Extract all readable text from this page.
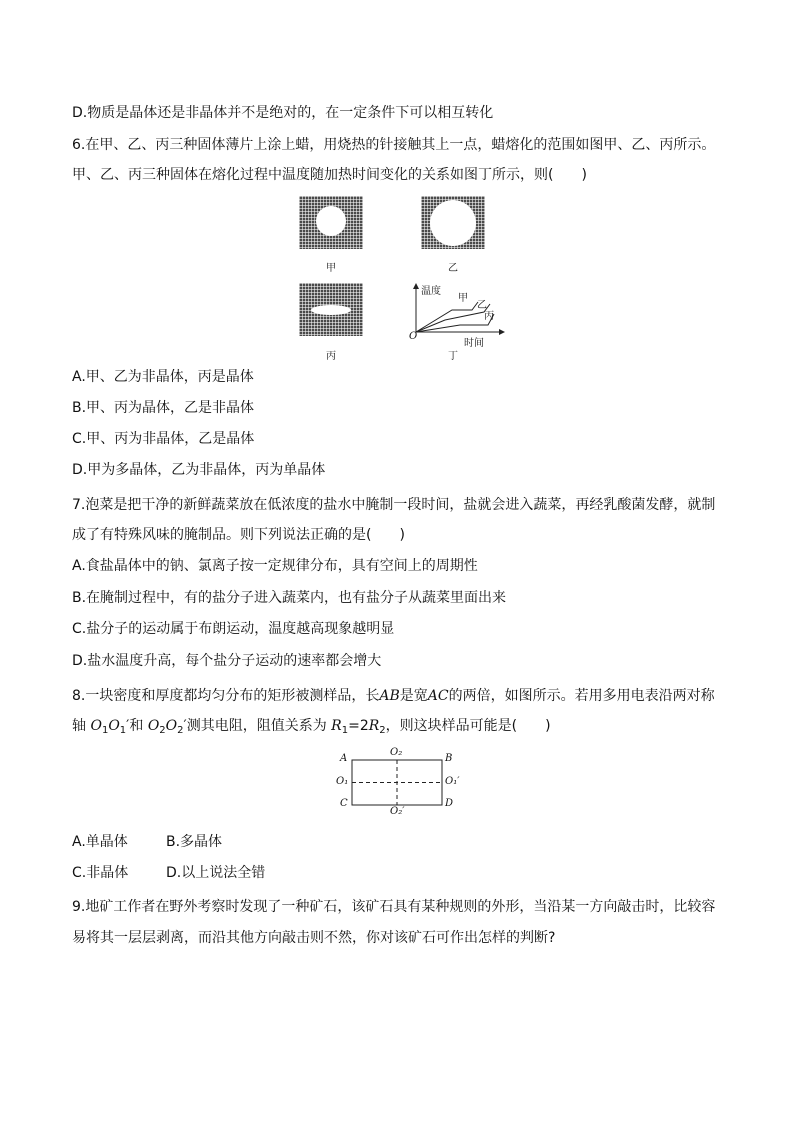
D.物质是晶体还是非晶体并不是绝对的，在一定条件下可以相互转化
6.在甲、乙、丙三种固体薄片上涂上蜡，用烧热的针接触其上一点，蜡熔化的范围如图甲、乙、丙所示。
甲、乙、丙三种固体在熔化过程中温度随加热时间变化的关系如图丁所示，则(　　)
甲	乙
丙
温度
时间
O
甲
乙
丙
丁
A.甲、乙为非晶体，丙是晶体
B.甲、丙为晶体，乙是非晶体
C.甲、丙为非晶体，乙是晶体
D.甲为多晶体，乙为非晶体，丙为单晶体
7.泡菜是把干净的新鲜蔬菜放在低浓度的盐水中腌制一段时间，盐就会进入蔬菜，再经乳酸菌发酵，就制
成了有特殊风味的腌制品。则下列说法正确的是(　　)
A.食盐晶体中的钠、氯离子按一定规律分布，具有空间上的周期性
B.在腌制过程中，有的盐分子进入蔬菜内，也有盐分子从蔬菜里面出来
C.盐分子的运动属于布朗运动，温度越高现象越明显
D.盐水温度升高，每个盐分子运动的速率都会增大
8.一块密度和厚度都均匀分布的矩形被测样品，长AB是宽AC的两倍，如图所示。若用多用电表沿两对称
轴 $O_1O_1'$和 $O_2O_2'$测其电阻，阻值关系为 $R_1=2R_2$，则这块样品可能是(　　)
A	B
C	D
O₁	O₁′
O₂
O₂′
A.单晶体	B.多晶体
C.非晶体	D.以上说法全错
9.地矿工作者在野外考察时发现了一种矿石，该矿石具有某种规则的外形，当沿某一方向敲击时，比较容
易将其一层层剥离，而沿其他方向敲击则不然，你对该矿石可作出怎样的判断?
